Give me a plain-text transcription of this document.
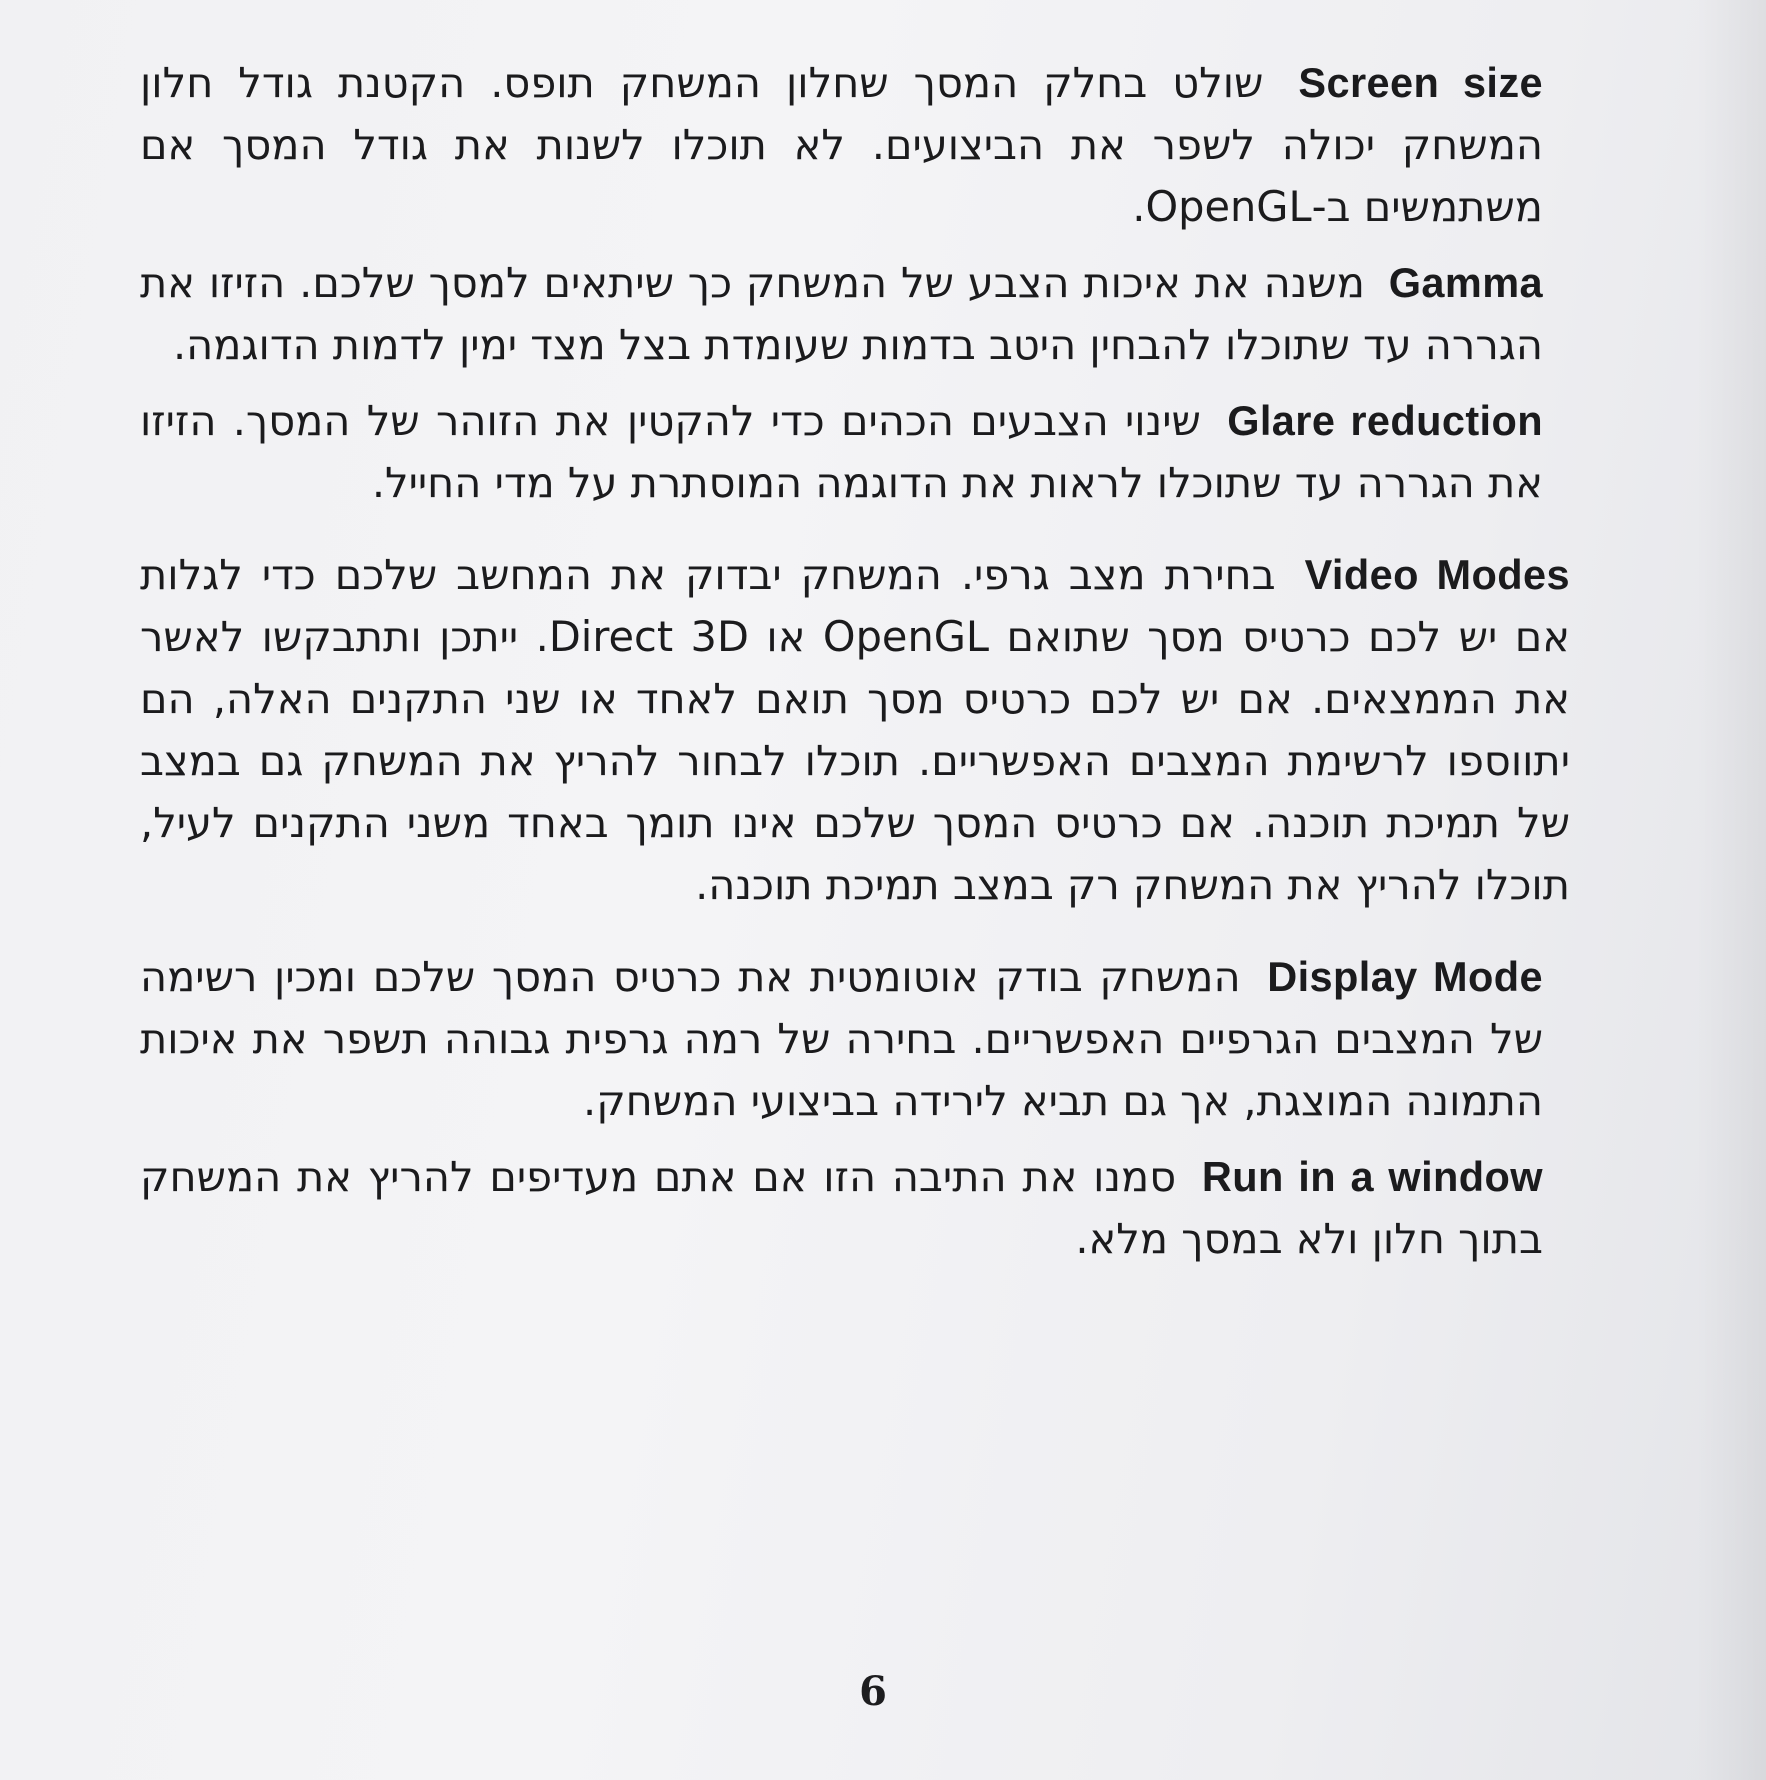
Screen size שולט בחלק המסך שחלון המשחק תופס. הקטנת גודל חלון המשחק יכולה לשפר את הביצועים. לא תוכלו לשנות את גודל המסך אם משתמשים ב-OpenGL.

Gamma משנה את איכות הצבע של המשחק כך שיתאים למסך שלכם. הזיזו את הגררה עד שתוכלו להבחין היטב בדמות שעומדת בצל מצד ימין לדמות הדוגמה.

Glare reduction שינוי הצבעים הכהים כדי להקטין את הזוהר של המסך. הזיזו את הגררה עד שתוכלו לראות את הדוגמה המוסתרת על מדי החייל.

Video Modes בחירת מצב גרפי. המשחק יבדוק את המחשב שלכם כדי לגלות אם יש לכם כרטיס מסך שתואם OpenGL או Direct 3D. ייתכן ותתבקשו לאשר את הממצאים. אם יש לכם כרטיס מסך תואם לאחד או שני התקנים האלה, הם יתווספו לרשימת המצבים האפשריים. תוכלו לבחור להריץ את המשחק גם במצב של תמיכת תוכנה. אם כרטיס המסך שלכם אינו תומך באחד משני התקנים לעיל, תוכלו להריץ את המשחק רק במצב תמיכת תוכנה.

Display Mode המשחק בודק אוטומטית את כרטיס המסך שלכם ומכין רשימה של המצבים הגרפיים האפשריים. בחירה של רמה גרפית גבוהה תשפר את איכות התמונה המוצגת, אך גם תביא לירידה בביצועי המשחק.

Run in a window סמנו את התיבה הזו אם אתם מעדיפים להריץ את המשחק בתוך חלון ולא במסך מלא.

6
